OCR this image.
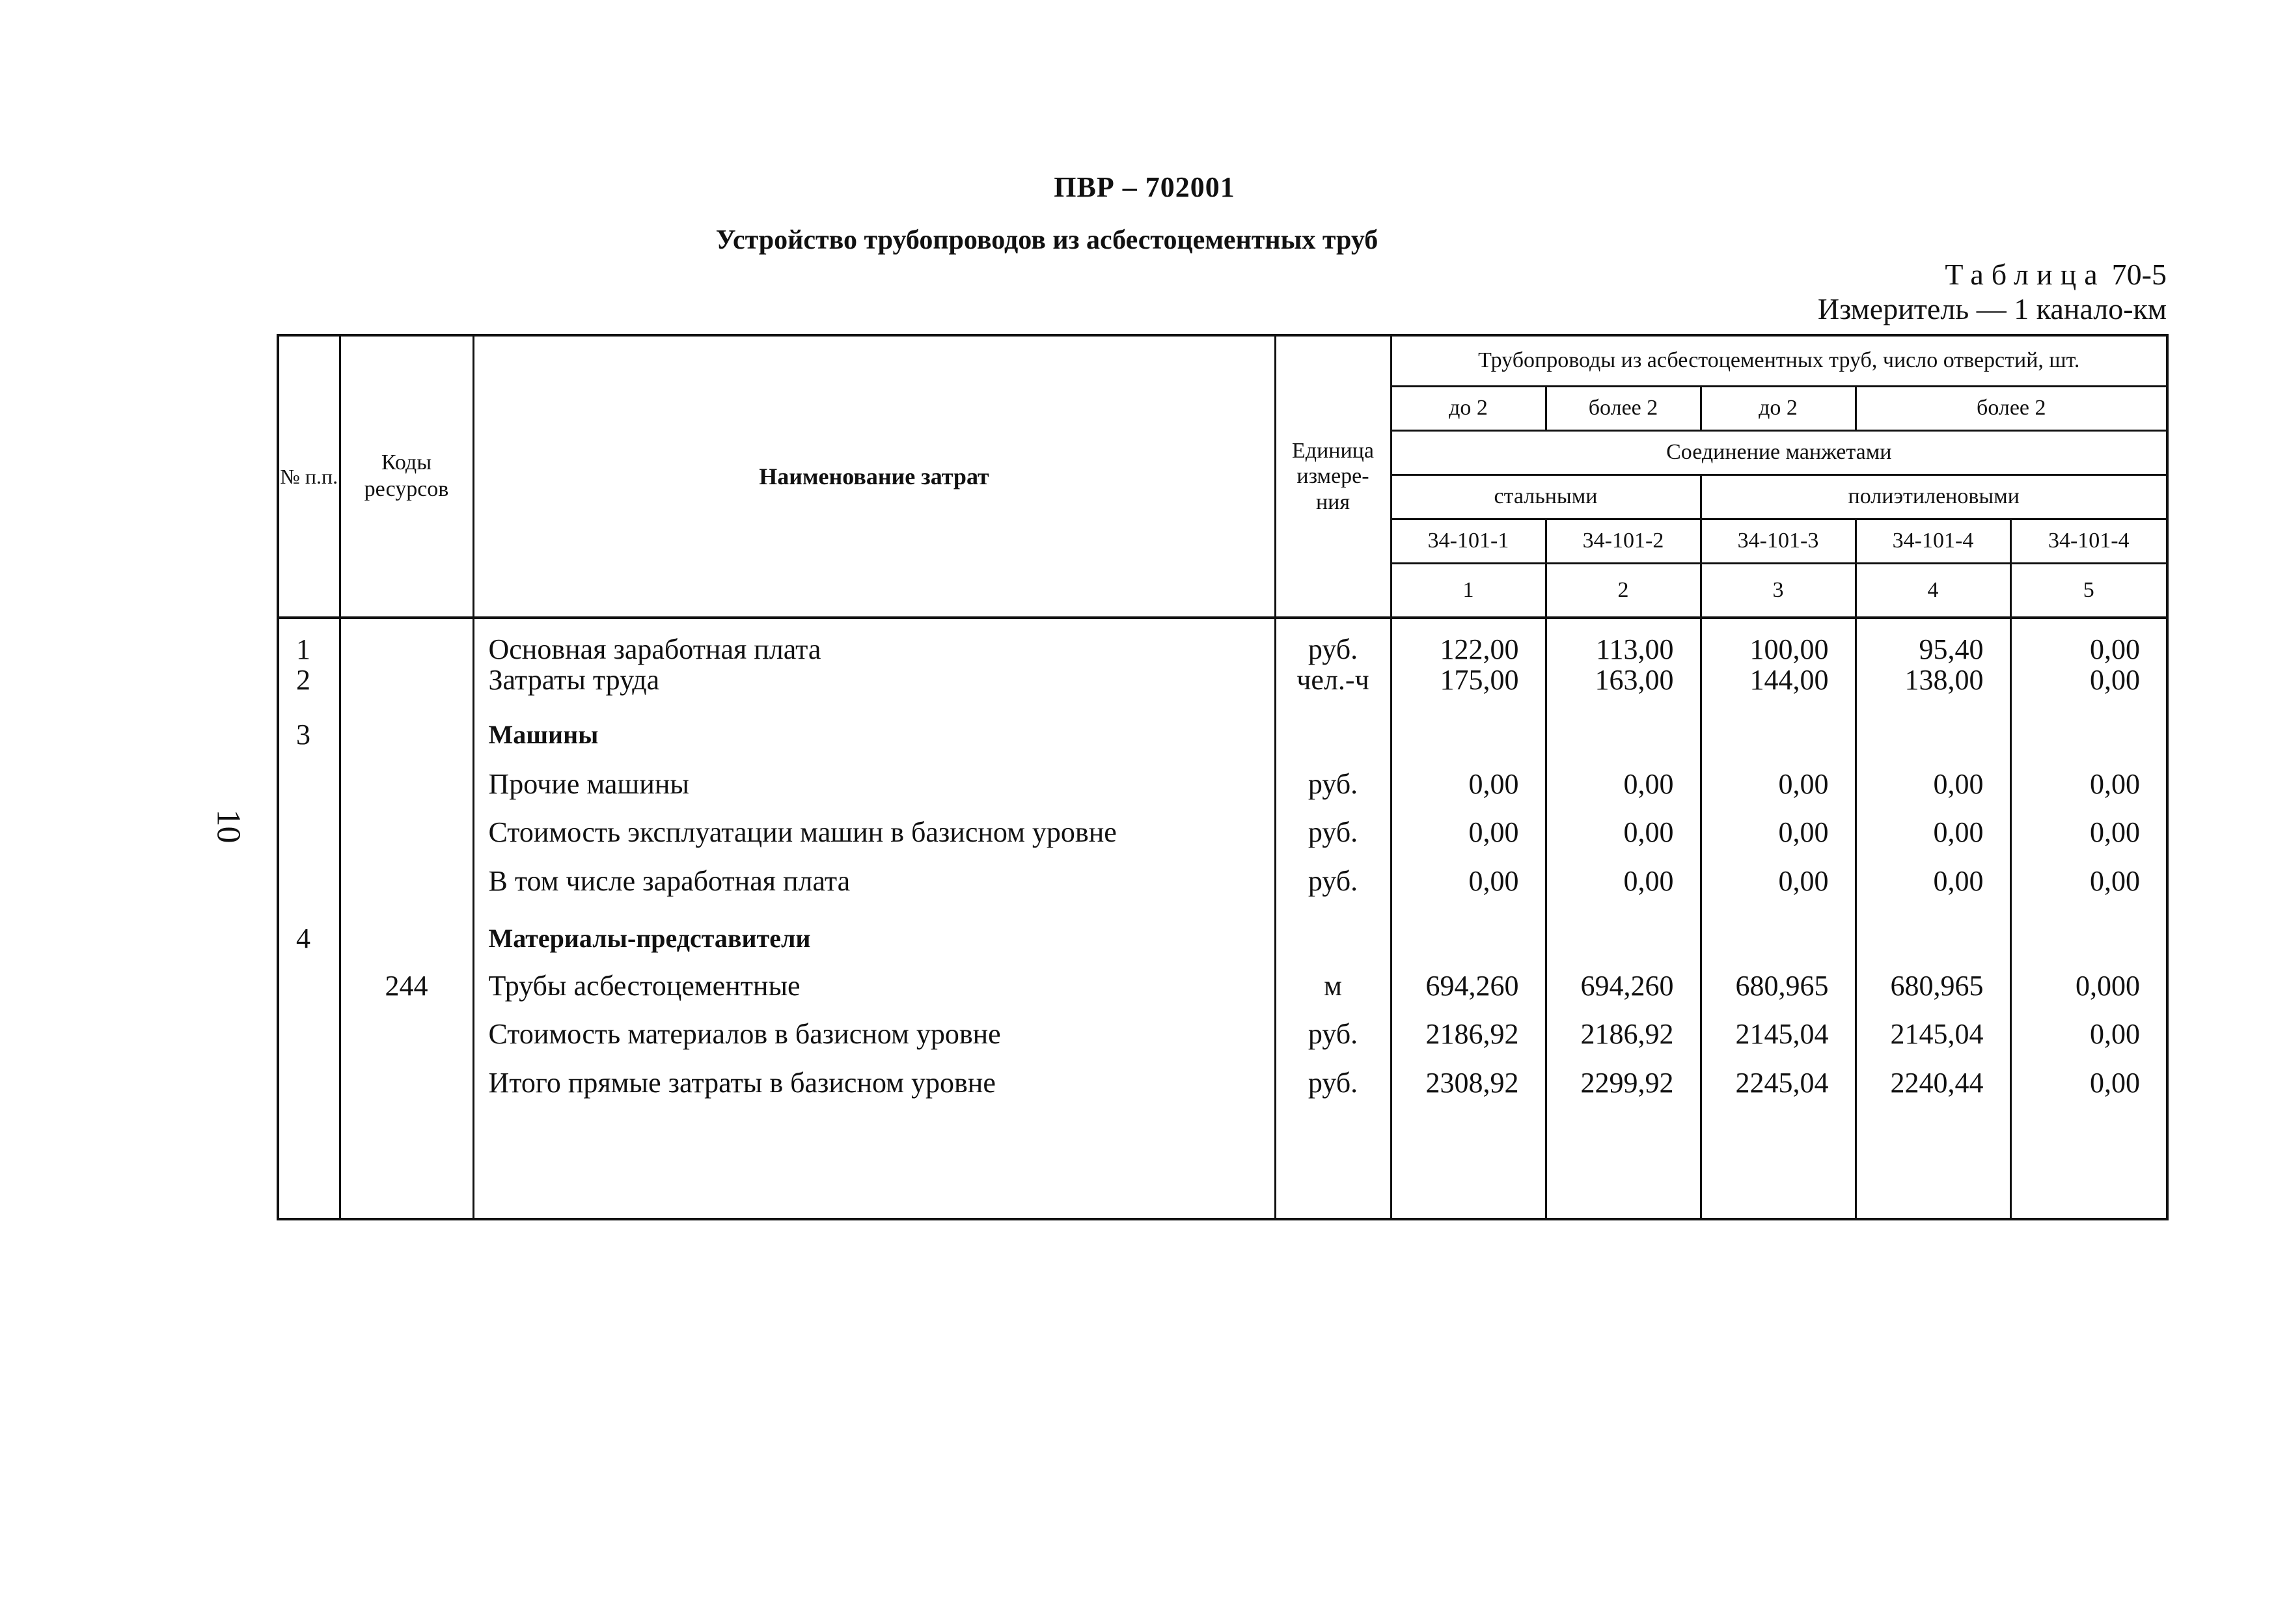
ПВР – 702001
Устройство трубопроводов из асбестоцементных труб
Таблица 70-5
Измеритель — 1 канало-км
10
№ п.п.	Коды ресурсов	Наименование затрат	Единица измере-ния	Трубопроводы из асбестоцементных труб, число отверстий, шт.				
				до 2	более 2	до 2	более 2	
				Соединение манжетами				
				стальными		полиэтиленовыми		
				34-101-1	34-101-2	34-101-3	34-101-4	34-101-4
				1	2	3	4	5
1		Основная заработная плата	руб.	122,00	113,00	100,00	95,40	0,00
2		Затраты труда	чел.-ч	175,00	163,00	144,00	138,00	0,00
3		Машины						
		Прочие машины	руб.	0,00	0,00	0,00	0,00	0,00
		Стоимость эксплуатации машин в базисном уровне	руб.	0,00	0,00	0,00	0,00	0,00
		В том числе заработная плата	руб.	0,00	0,00	0,00	0,00	0,00
4		Материалы-представители						
	244	Трубы асбестоцементные	м	694,260	694,260	680,965	680,965	0,000
		Стоимость материалов в базисном уровне	руб.	2186,92	2186,92	2145,04	2145,04	0,00
		Итого прямые затраты в базисном уровне	руб.	2308,92	2299,92	2245,04	2240,44	0,00
